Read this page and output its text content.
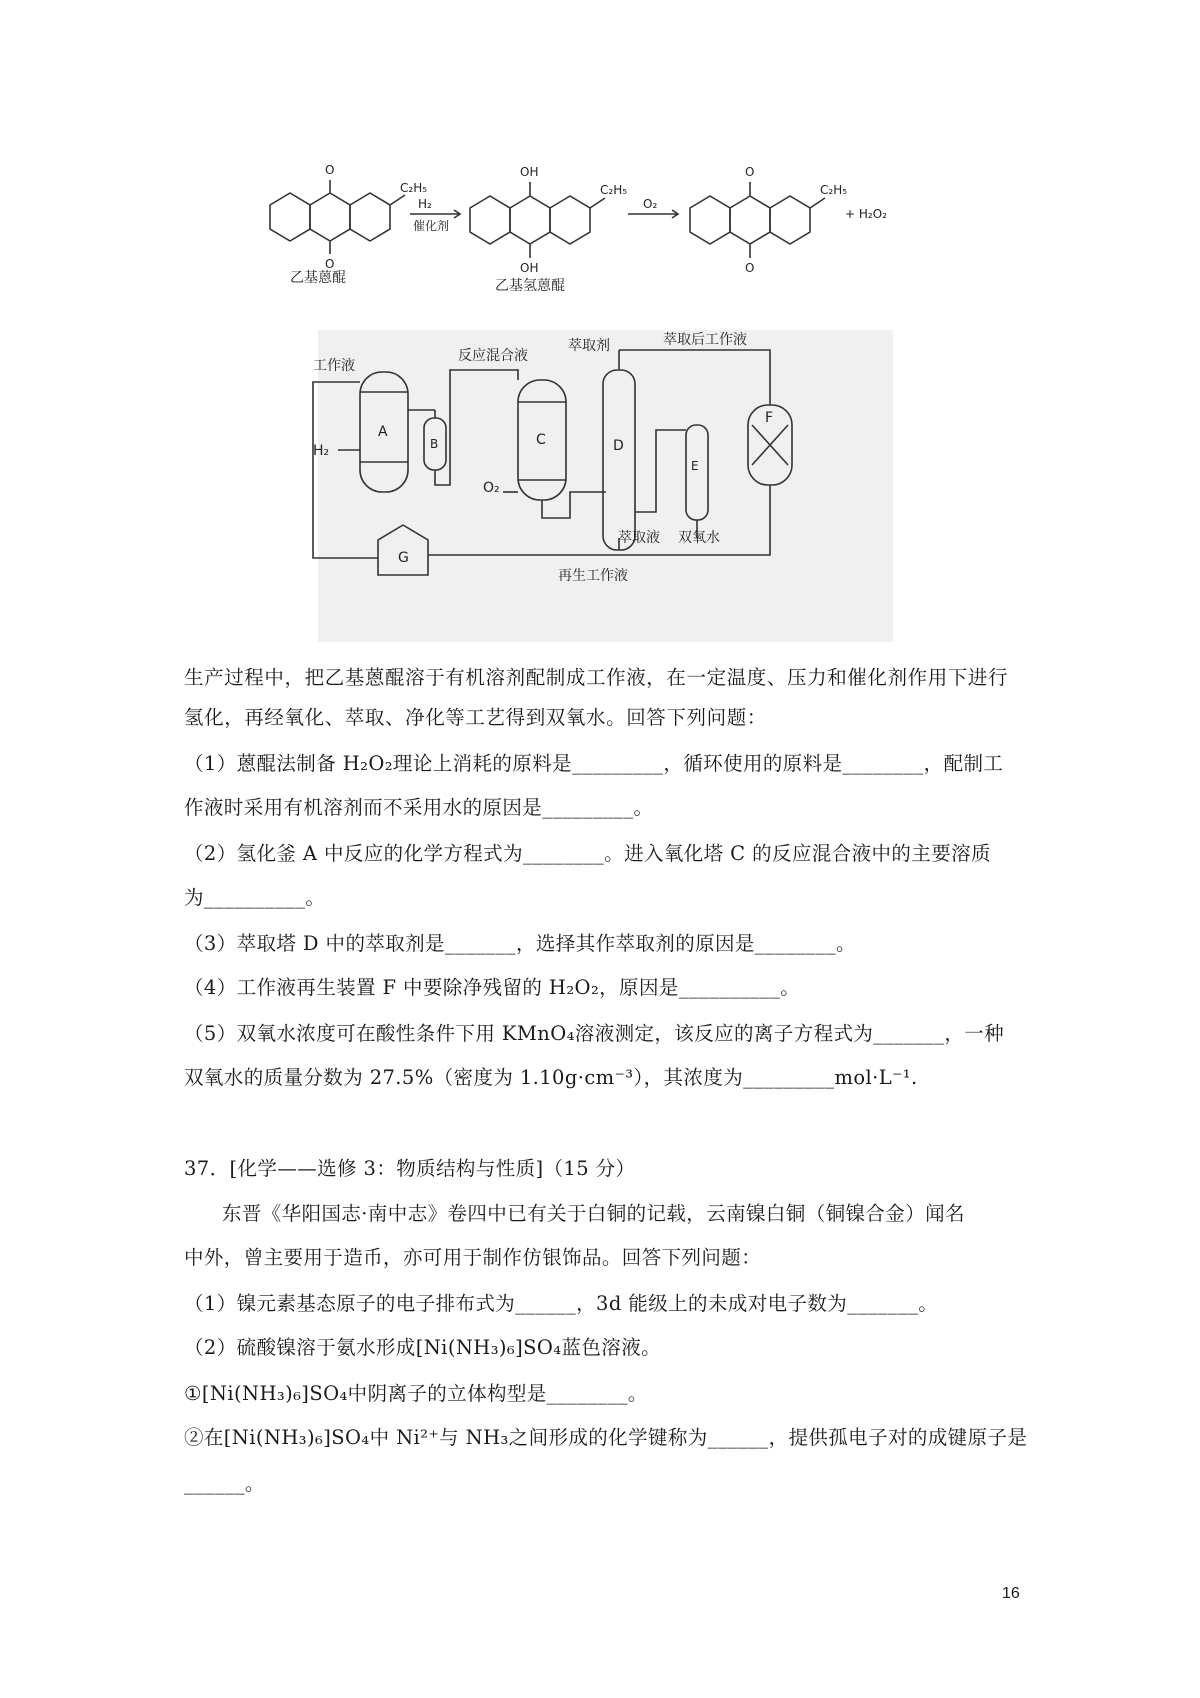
O
O
C₂H₅
H₂
催化剂
OH
OH
C₂H₅
O₂
O
O
C₂H₅
+ H₂O₂
乙基蒽醌	乙基氢蒽醌
工作液
H₂
反应混合液
O₂
萃取剂	萃取后工作液
萃取液 双氧水
再生工作液
A
B	C	D
E
F
G
生产过程中，把乙基蒽醌溶于有机溶剂配制成工作液，在一定温度、压力和催化剂作用下进行氢化，再经氧化、萃取、净化等工艺得到双氧水。回答下列问题：
（1）蒽醌法制备 H₂O₂理论上消耗的原料是_________，循环使用的原料是________，配制工
作液时采用有机溶剂而不采用水的原因是_________。
（2）氢化釜 A 中反应的化学方程式为________。进入氧化塔 C 的反应混合液中的主要溶质
为__________。
（3）萃取塔 D 中的萃取剂是_______，选择其作萃取剂的原因是________。
（4）工作液再生装置 F 中要除净残留的 H₂O₂，原因是__________。
（5）双氧水浓度可在酸性条件下用 KMnO₄溶液测定，该反应的离子方程式为_______，一种
双氧水的质量分数为 27.5%（密度为 1.10g·cm⁻³），其浓度为_________mol·L⁻¹.
37．[化学——选修 3：物质结构与性质]（15 分）
东晋《华阳国志·南中志》卷四中已有关于白铜的记载，云南镍白铜（铜镍合金）闻名
中外，曾主要用于造币，亦可用于制作仿银饰品。回答下列问题：
（1）镍元素基态原子的电子排布式为______，3d 能级上的未成对电子数为_______。
（2）硫酸镍溶于氨水形成[Ni(NH₃)₆]SO₄蓝色溶液。
①[Ni(NH₃)₆]SO₄中阴离子的立体构型是________。
②在[Ni(NH₃)₆]SO₄中 Ni²⁺与 NH₃之间形成的化学键称为______，提供孤电子对的成键原子是
______。
16
